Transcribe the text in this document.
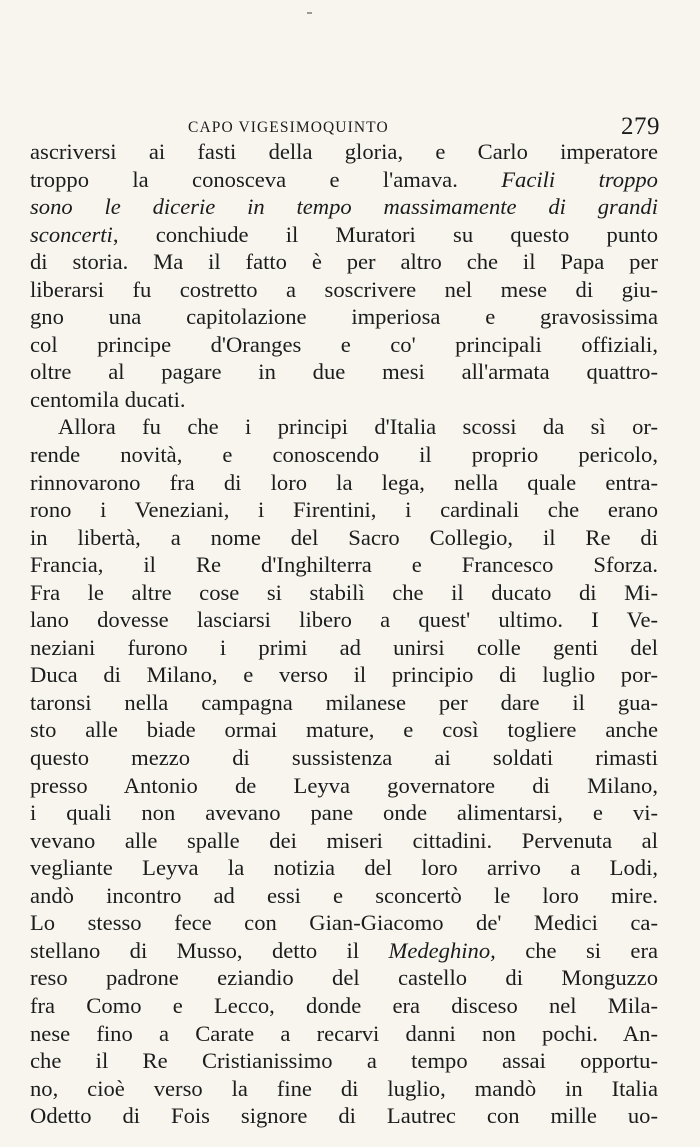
CAPO VIGESIMOQUINTO	279
ascriversi ai fasti della gloria, e Carlo imperatore
troppo la conosceva e l'amava. Facili troppo
sono le dicerie in tempo massimamente di grandi
sconcerti, conchiude il Muratori su questo punto
di storia. Ma il fatto è per altro che il Papa per
liberarsi fu costretto a soscrivere nel mese di giu-
gno una capitolazione imperiosa e gravosissima
col principe d'Oranges e co' principali offiziali,
oltre al pagare in due mesi all'armata quattro-
centomila ducati.
Allora fu che i principi d'Italia scossi da sì or-
rende novità, e conoscendo il proprio pericolo,
rinnovarono fra di loro la lega, nella quale entra-
rono i Veneziani, i Firentini, i cardinali che erano
in libertà, a nome del Sacro Collegio, il Re di
Francia, il Re d'Inghilterra e Francesco Sforza.
Fra le altre cose si stabilì che il ducato di Mi-
lano dovesse lasciarsi libero a quest' ultimo. I Ve-
neziani furono i primi ad unirsi colle genti del
Duca di Milano, e verso il principio di luglio por-
taronsi nella campagna milanese per dare il gua-
sto alle biade ormai mature, e così togliere anche
questo mezzo di sussistenza ai soldati rimasti
presso Antonio de Leyva governatore di Milano,
i quali non avevano pane onde alimentarsi, e vi-
vevano alle spalle dei miseri cittadini. Pervenuta al
vegliante Leyva la notizia del loro arrivo a Lodi,
andò incontro ad essi e sconcertò le loro mire.
Lo stesso fece con Gian-Giacomo de' Medici ca-
stellano di Musso, detto il Medeghino, che si era
reso padrone eziandio del castello di Monguzzo
fra Como e Lecco, donde era disceso nel Mila-
nese fino a Carate a recarvi danni non pochi. An-
che il Re Cristianissimo a tempo assai opportu-
no, cioè verso la fine di luglio, mandò in Italia
Odetto di Fois signore di Lautrec con mille uo-
